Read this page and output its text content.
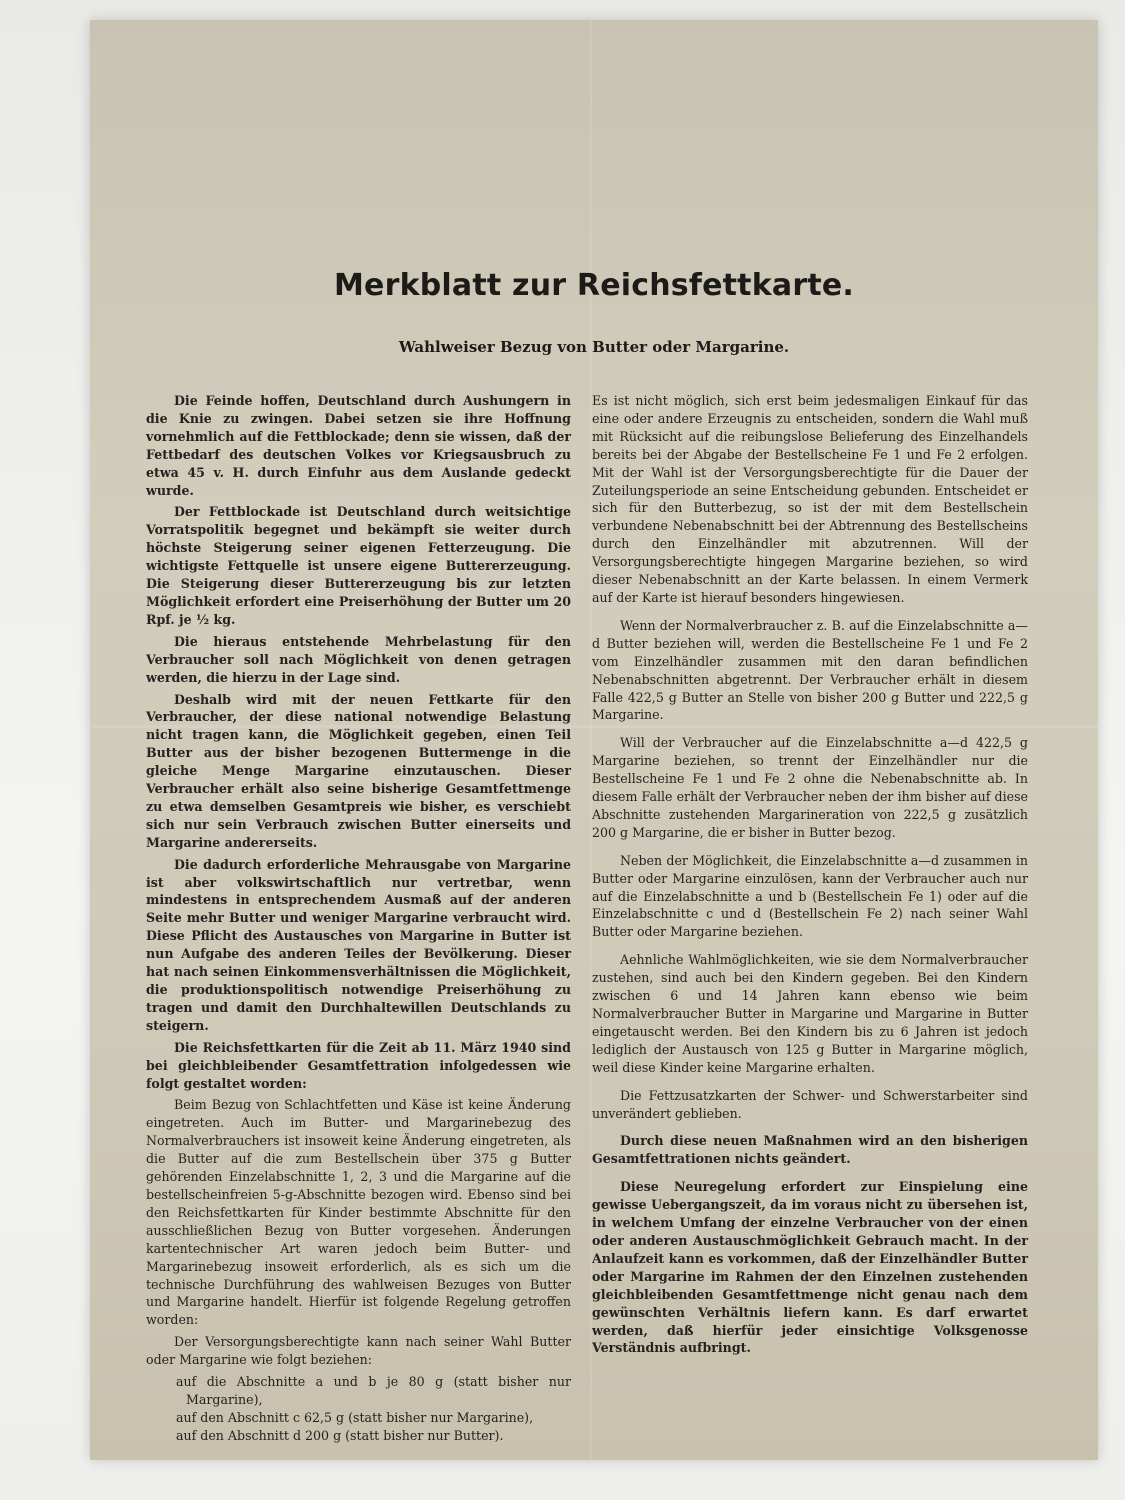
Merkblatt zur Reichsfettkarte.
Wahlweiser Bezug von Butter oder Margarine.

Die Feinde hoffen, Deutschland durch Aushungern in die Knie zu zwingen. Dabei setzen sie ihre Hoffnung vornehmlich auf die Fettblockade; denn sie wissen, daß der Fettbedarf des deutschen Volkes vor Kriegsausbruch zu etwa 45 v. H. durch Einfuhr aus dem Auslande gedeckt wurde.

Der Fettblockade ist Deutschland durch weitsichtige Vorratspolitik begegnet und bekämpft sie weiter durch höchste Steigerung seiner eigenen Fetterzeugung. Die wichtigste Fettquelle ist unsere eigene Buttererzeugung. Die Steigerung dieser Buttererzeugung bis zur letzten Möglichkeit erfordert eine Preiserhöhung der Butter um 20 Rpf. je ½ kg.

Die hieraus entstehende Mehrbelastung für den Verbraucher soll nach Möglichkeit von denen getragen werden, die hierzu in der Lage sind.

Deshalb wird mit der neuen Fettkarte für den Verbraucher, der diese national notwendige Belastung nicht tragen kann, die Möglichkeit gegeben, einen Teil Butter aus der bisher bezogenen Buttermenge in die gleiche Menge Margarine einzutauschen. Dieser Verbraucher erhält also seine bisherige Gesamtfettmenge zu etwa demselben Gesamtpreis wie bisher, es verschiebt sich nur sein Verbrauch zwischen Butter einerseits und Margarine andererseits.

Die dadurch erforderliche Mehrausgabe von Margarine ist aber volkswirtschaftlich nur vertretbar, wenn mindestens in entsprechendem Ausmaß auf der anderen Seite mehr Butter und weniger Margarine verbraucht wird. Diese Pflicht des Austausches von Margarine in Butter ist nun Aufgabe des anderen Teiles der Bevölkerung. Dieser hat nach seinen Einkommensverhältnissen die Möglichkeit, die produktionspolitisch notwendige Preiserhöhung zu tragen und damit den Durchhaltewillen Deutschlands zu steigern.

Die Reichsfettkarten für die Zeit ab 11. März 1940 sind bei gleichbleibender Gesamtfettration infolgedessen wie folgt gestaltet worden:

Beim Bezug von Schlachtfetten und Käse ist keine Änderung eingetreten. Auch im Butter- und Margarinebezug des Normalverbrauchers ist insoweit keine Änderung eingetreten, als die Butter auf die zum Bestellschein über 375 g Butter gehörenden Einzelabschnitte 1, 2, 3 und die Margarine auf die bestellscheinfreien 5-g-Abschnitte bezogen wird. Ebenso sind bei den Reichsfettkarten für Kinder bestimmte Abschnitte für den ausschließlichen Bezug von Butter vorgesehen. Änderungen kartentechnischer Art waren jedoch beim Butter- und Margarinebezug insoweit erforderlich, als es sich um die technische Durchführung des wahlweisen Bezuges von Butter und Margarine handelt. Hierfür ist folgende Regelung getroffen worden:

Der Versorgungsberechtigte kann nach seiner Wahl Butter oder Margarine wie folgt beziehen:

auf die Abschnitte a und b je 80 g (statt bisher nur Margarine),

auf den Abschnitt c 62,5 g (statt bisher nur Margarine),

auf den Abschnitt d 200 g (statt bisher nur Butter).

Es ist nicht möglich, sich erst beim jedesmaligen Einkauf für das eine oder andere Erzeugnis zu entscheiden, sondern die Wahl muß mit Rücksicht auf die reibungslose Belieferung des Einzelhandels bereits bei der Abgabe der Bestellscheine Fe 1 und Fe 2 erfolgen. Mit der Wahl ist der Versorgungsberechtigte für die Dauer der Zuteilungsperiode an seine Entscheidung gebunden. Entscheidet er sich für den Butterbezug, so ist der mit dem Bestellschein verbundene Nebenabschnitt bei der Abtrennung des Bestellscheins durch den Einzelhändler mit abzutrennen. Will der Versorgungsberechtigte hingegen Margarine beziehen, so wird dieser Nebenabschnitt an der Karte belassen. In einem Vermerk auf der Karte ist hierauf besonders hingewiesen.

Wenn der Normalverbraucher z. B. auf die Einzelabschnitte a—d Butter beziehen will, werden die Bestellscheine Fe 1 und Fe 2 vom Einzelhändler zusammen mit den daran befindlichen Nebenabschnitten abgetrennt. Der Verbraucher erhält in diesem Falle 422,5 g Butter an Stelle von bisher 200 g Butter und 222,5 g Margarine.

Will der Verbraucher auf die Einzelabschnitte a—d 422,5 g Margarine beziehen, so trennt der Einzelhändler nur die Bestellscheine Fe 1 und Fe 2 ohne die Nebenabschnitte ab. In diesem Falle erhält der Verbraucher neben der ihm bisher auf diese Abschnitte zustehenden Margarineration von 222,5 g zusätzlich 200 g Margarine, die er bisher in Butter bezog.

Neben der Möglichkeit, die Einzelabschnitte a—d zusammen in Butter oder Margarine einzulösen, kann der Verbraucher auch nur auf die Einzelabschnitte a und b (Bestellschein Fe 1) oder auf die Einzelabschnitte c und d (Bestellschein Fe 2) nach seiner Wahl Butter oder Margarine beziehen.

Aehnliche Wahlmöglichkeiten, wie sie dem Normalverbraucher zustehen, sind auch bei den Kindern gegeben. Bei den Kindern zwischen 6 und 14 Jahren kann ebenso wie beim Normalverbraucher Butter in Margarine und Margarine in Butter eingetauscht werden. Bei den Kindern bis zu 6 Jahren ist jedoch lediglich der Austausch von 125 g Butter in Margarine möglich, weil diese Kinder keine Margarine erhalten.

Die Fettzusatzkarten der Schwer- und Schwerstarbeiter sind unverändert geblieben.

Durch diese neuen Maßnahmen wird an den bisherigen Gesamtfettrationen nichts geändert.

Diese Neuregelung erfordert zur Einspielung eine gewisse Uebergangszeit, da im voraus nicht zu übersehen ist, in welchem Umfang der einzelne Verbraucher von der einen oder anderen Austauschmöglichkeit Gebrauch macht. In der Anlaufzeit kann es vorkommen, daß der Einzelhändler Butter oder Margarine im Rahmen der den Einzelnen zustehenden gleichbleibenden Gesamtfettmenge nicht genau nach dem gewünschten Verhältnis liefern kann. Es darf erwartet werden, daß hierfür jeder einsichtige Volksgenosse Verständnis aufbringt.
